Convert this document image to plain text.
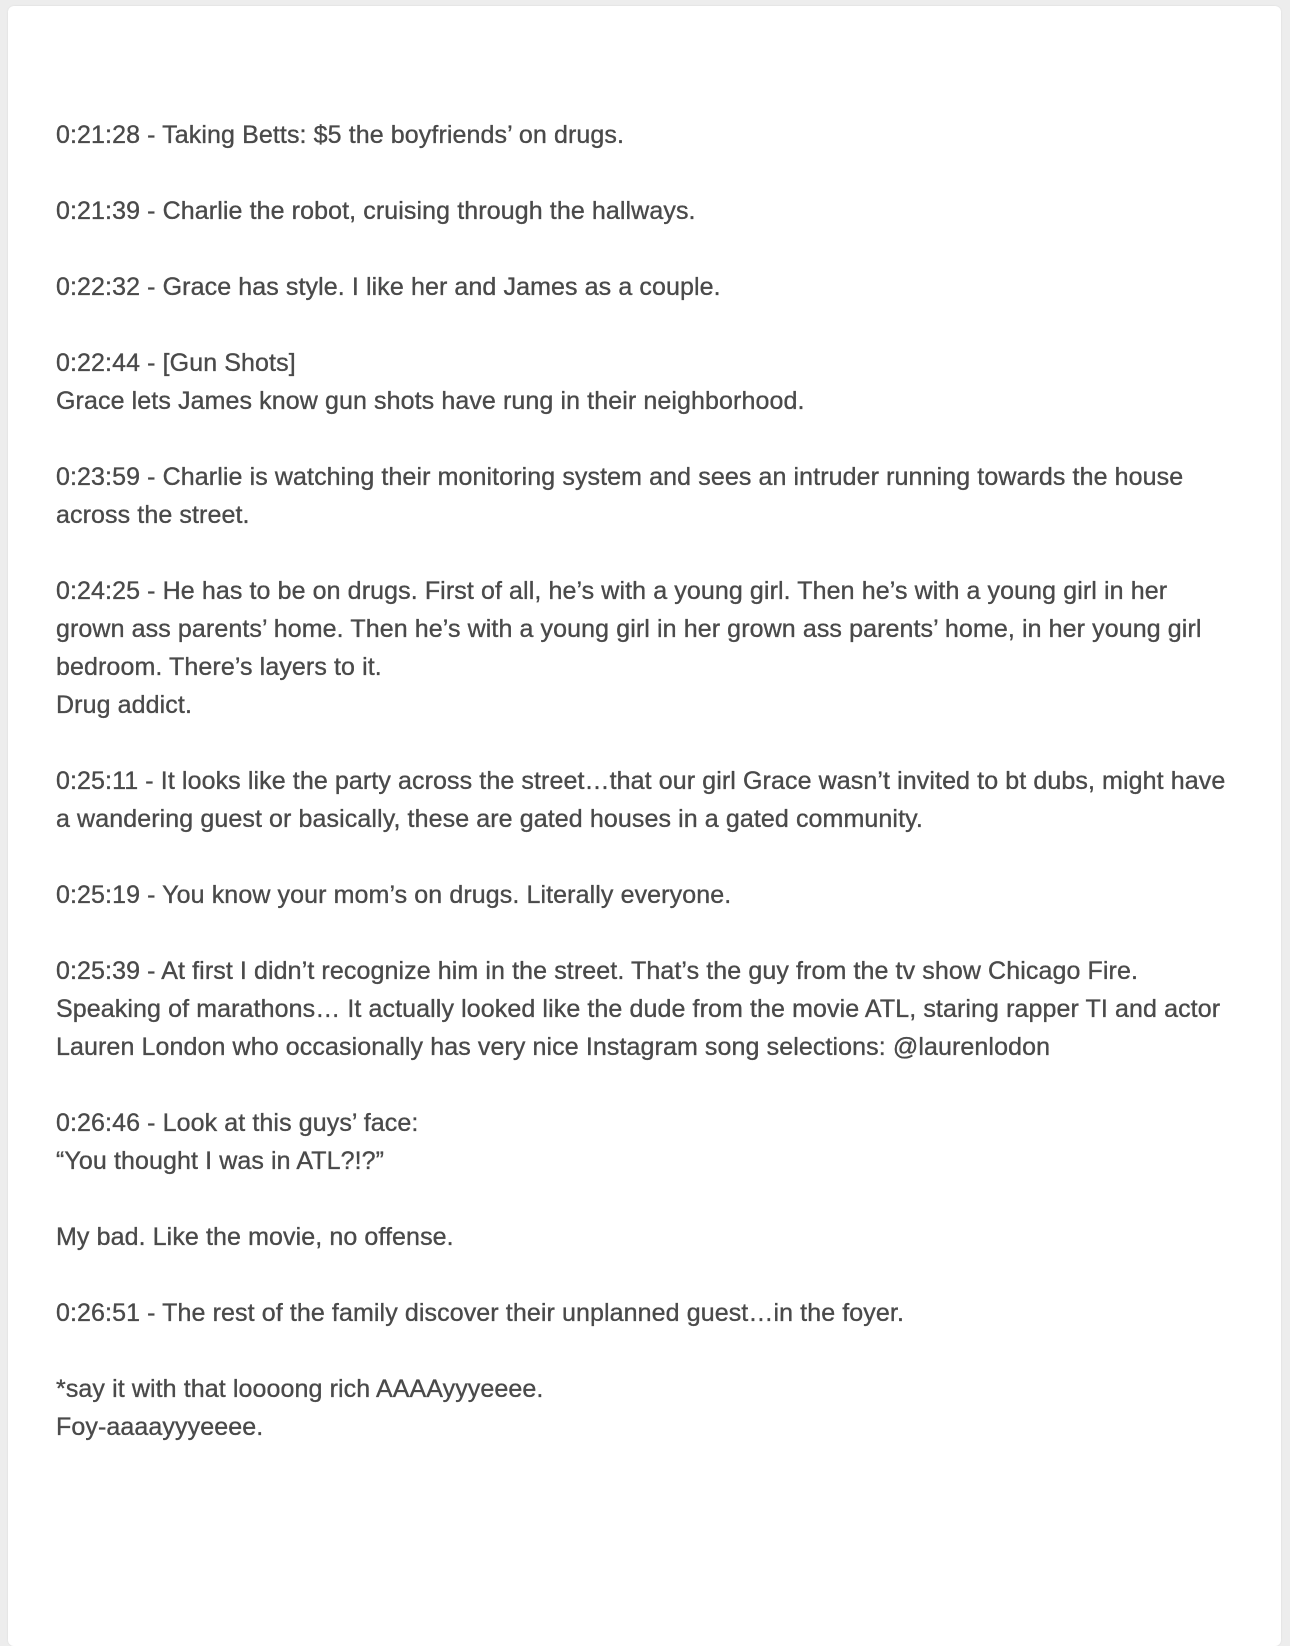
0:21:28 - Taking Betts: $5 the boyfriends’ on drugs.
0:21:39 - Charlie the robot, cruising through the hallways.
0:22:32 - Grace has style. I like her and James as a couple.
0:22:44 - [Gun Shots]
Grace lets James know gun shots have rung in their neighborhood.
0:23:59 - Charlie is watching their monitoring system and sees an intruder running towards the house across the street.
0:24:25 - He has to be on drugs. First of all, he’s with a young girl. Then he’s with a young girl in her grown ass parents’ home. Then he’s with a young girl in her grown ass parents’ home, in her young girl bedroom. There’s layers to it.
Drug addict.
0:25:11 - It looks like the party across the street…that our girl Grace wasn’t invited to bt dubs, might have a wandering guest or basically, these are gated houses in a gated community.
0:25:19 - You know your mom’s on drugs. Literally everyone.
0:25:39 - At first I didn’t recognize him in the street. That’s the guy from the tv show Chicago Fire. Speaking of marathons… It actually looked like the dude from the movie ATL, staring rapper TI and actor Lauren London who occasionally has very nice Instagram song selections: @laurenlodon
0:26:46 - Look at this guys’ face:
“You thought I was in ATL?!?”
My bad. Like the movie, no offense.
0:26:51 - The rest of the family discover their unplanned guest…in the foyer.
*say it with that loooong rich AAAAyyyeeee.
Foy-aaaayyyeeee.
